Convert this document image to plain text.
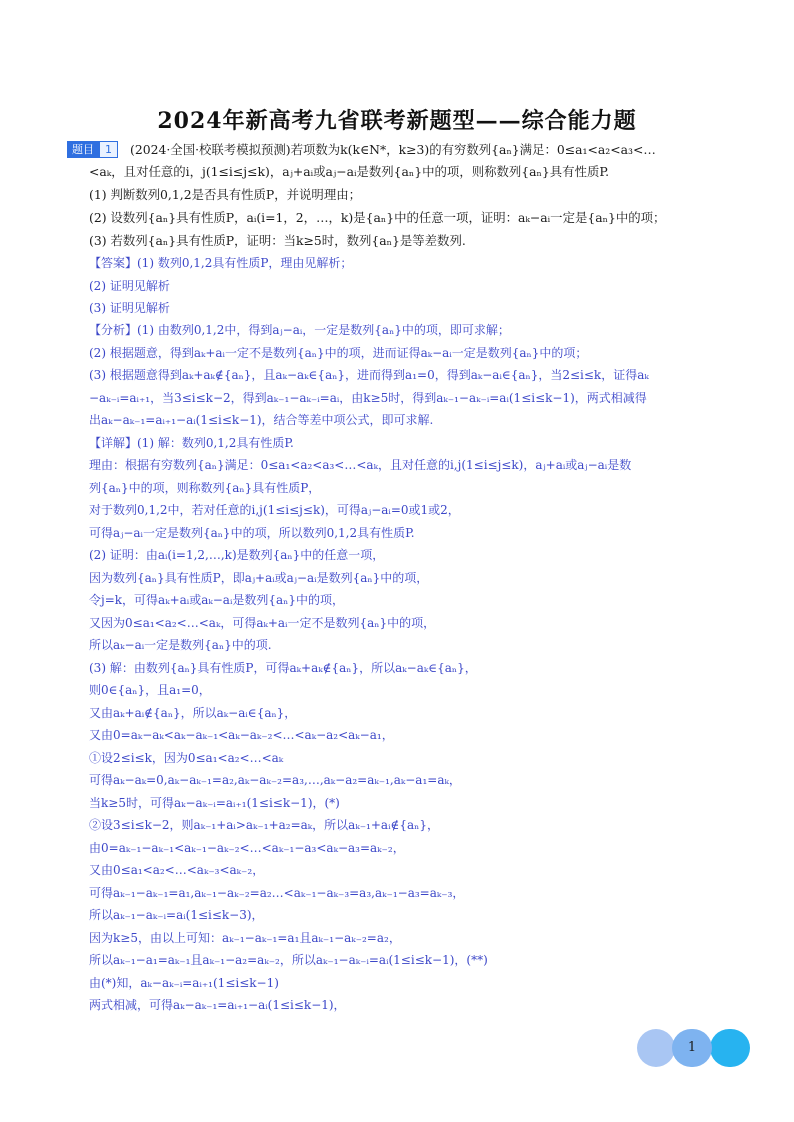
2024年新高考九省联考新题型——综合能力题
题目	1	(2024·全国·校联考模拟预测)若项数为k(k∈N*，k≥3)的有穷数列{aₙ}满足：0≤a₁<a₂<a₃<…
<aₖ，且对任意的i，j(1≤i≤j≤k)，aⱼ+aᵢ或aⱼ−aᵢ是数列{aₙ}中的项，则称数列{aₙ}具有性质P.
(1) 判断数列0,1,2是否具有性质P，并说明理由；
(2) 设数列{aₙ}具有性质P，aᵢ(i=1，2，…，k)是{aₙ}中的任意一项，证明：aₖ−aᵢ一定是{aₙ}中的项；
(3) 若数列{aₙ}具有性质P，证明：当k≥5时，数列{aₙ}是等差数列.
【答案】(1) 数列0,1,2具有性质P，理由见解析；
(2) 证明见解析
(3) 证明见解析
【分析】(1) 由数列0,1,2中，得到aⱼ−aᵢ，一定是数列{aₙ}中的项，即可求解；
(2) 根据题意，得到aₖ+aᵢ一定不是数列{aₙ}中的项，进而证得aₖ−aᵢ一定是数列{aₙ}中的项；
(3) 根据题意得到aₖ+aₖ∉{aₙ}，且aₖ−aₖ∈{aₙ}，进而得到a₁=0，得到aₖ−aᵢ∈{aₙ}，当2≤i≤k，证得aₖ
−aₖ₋ᵢ=aᵢ₊₁，当3≤i≤k−2，得到aₖ₋₁−aₖ₋ᵢ=aᵢ，由k≥5时，得到aₖ₋₁−aₖ₋ᵢ=aᵢ(1≤i≤k−1)，两式相减得
出aₖ−aₖ₋₁=aᵢ₊₁−aᵢ(1≤i≤k−1)，结合等差中项公式，即可求解.
【详解】(1) 解：数列0,1,2具有性质P.
理由：根据有穷数列{aₙ}满足：0≤a₁<a₂<a₃<…<aₖ，且对任意的i,j(1≤i≤j≤k)，aⱼ+aᵢ或aⱼ−aᵢ是数
列{aₙ}中的项，则称数列{aₙ}具有性质P，
对于数列0,1,2中，若对任意的i,j(1≤i≤j≤k)，可得aⱼ−aᵢ=0或1或2，
可得aⱼ−aᵢ一定是数列{aₙ}中的项，所以数列0,1,2具有性质P.
(2) 证明：由aᵢ(i=1,2,…,k)是数列{aₙ}中的任意一项，
因为数列{aₙ}具有性质P，即aⱼ+aᵢ或aⱼ−aᵢ是数列{aₙ}中的项，
令j=k，可得aₖ+aᵢ或aₖ−aᵢ是数列{aₙ}中的项，
又因为0≤a₁<a₂<…<aₖ，可得aₖ+aᵢ一定不是数列{aₙ}中的项，
所以aₖ−aᵢ一定是数列{aₙ}中的项.
(3) 解：由数列{aₙ}具有性质P，可得aₖ+aₖ∉{aₙ}，所以aₖ−aₖ∈{aₙ}，
则0∈{aₙ}，且a₁=0，
又由aₖ+aᵢ∉{aₙ}，所以aₖ−aᵢ∈{aₙ}，
又由0=aₖ−aₖ<aₖ−aₖ₋₁<aₖ−aₖ₋₂<…<aₖ−a₂<aₖ−a₁，
①设2≤i≤k，因为0≤a₁<a₂<…<aₖ
可得aₖ−aₖ=0,aₖ−aₖ₋₁=a₂,aₖ−aₖ₋₂=a₃,…,aₖ−a₂=aₖ₋₁,aₖ−a₁=aₖ，
当k≥5时，可得aₖ−aₖ₋ᵢ=aᵢ₊₁(1≤i≤k−1)，(*)
②设3≤i≤k−2，则aₖ₋₁+aᵢ>aₖ₋₁+a₂=aₖ，所以aₖ₋₁+aᵢ∉{aₙ}，
由0=aₖ₋₁−aₖ₋₁<aₖ₋₁−aₖ₋₂<…<aₖ₋₁−a₃<aₖ−a₃=aₖ₋₂，
又由0≤a₁<a₂<…<aₖ₋₃<aₖ₋₂，
可得aₖ₋₁−aₖ₋₁=a₁,aₖ₋₁−aₖ₋₂=a₂…<aₖ₋₁−aₖ₋₃=a₃,aₖ₋₁−a₃=aₖ₋₃，
所以aₖ₋₁−aₖ₋ᵢ=aᵢ(1≤i≤k−3)，
因为k≥5，由以上可知：aₖ₋₁−aₖ₋₁=a₁且aₖ₋₁−aₖ₋₂=a₂，
所以aₖ₋₁−a₁=aₖ₋₁且aₖ₋₁−a₂=aₖ₋₂，所以aₖ₋₁−aₖ₋ᵢ=aᵢ(1≤i≤k−1)，(**)
由(*)知，aₖ−aₖ₋ᵢ=aᵢ₊₁(1≤i≤k−1)
两式相减，可得aₖ−aₖ₋₁=aᵢ₊₁−aᵢ(1≤i≤k−1)，
1
